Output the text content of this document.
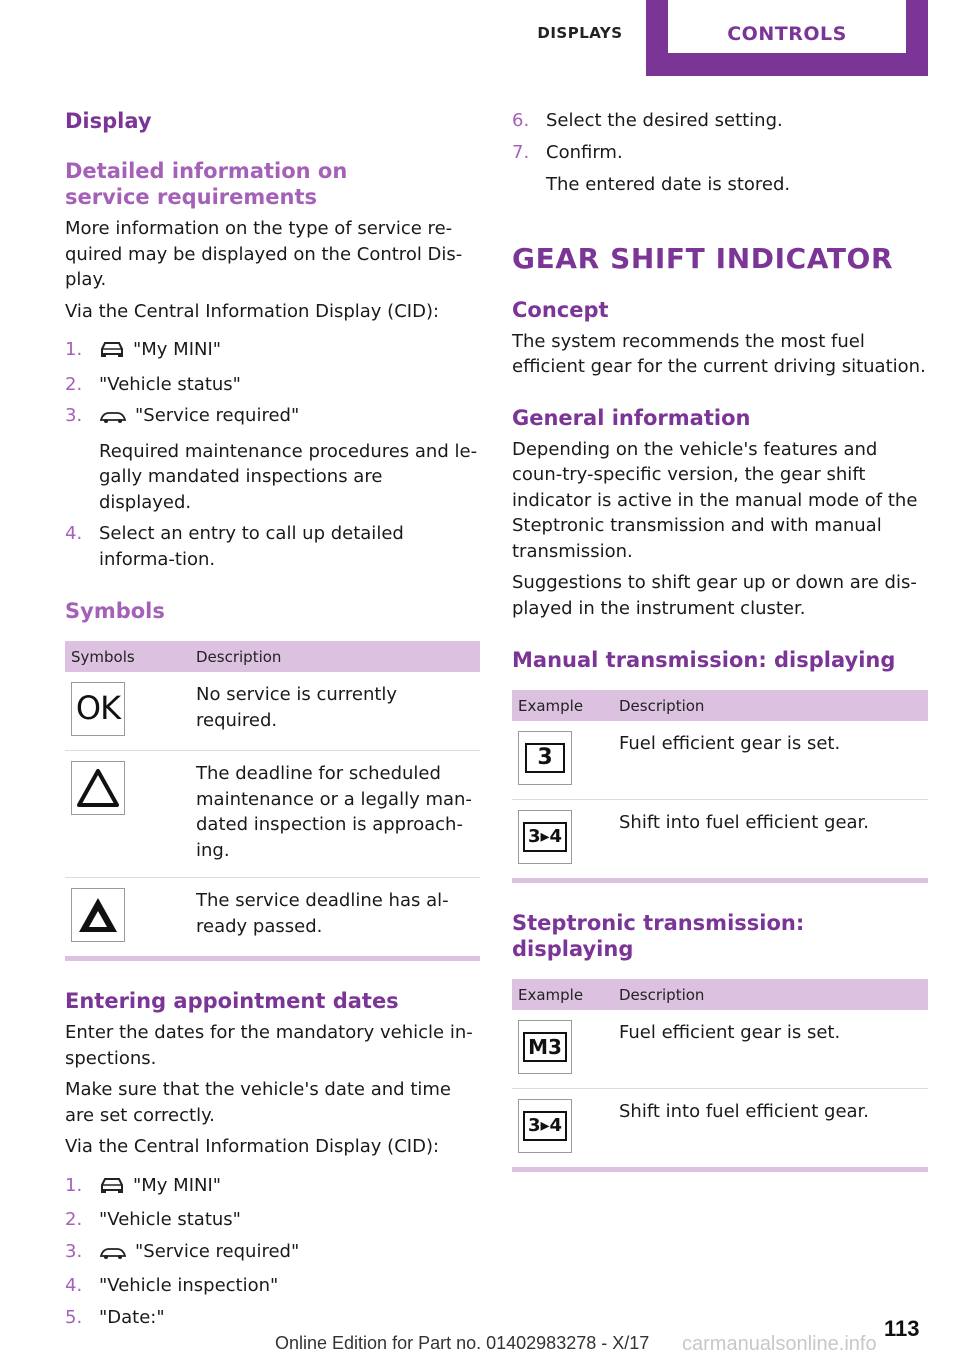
DISPLAYS	CONTROLS
Display
Detailed information on service requirements

More information on the type of service re-quired may be displayed on the Control Dis-play.

Via the Central Information Display (CID):

1.	"My MINI"
2. "Vehicle status"
3.	"Service required"
Required maintenance procedures and le-gally mandated inspections are displayed.
4. Select an entry to call up detailed informa-tion.
Symbols
Symbols	Description

OK	No service is currently required.

	The deadline for scheduled maintenance or a legally man-dated inspection is approach-ing.

	The service deadline has al-ready passed.
Entering appointment dates

Enter the dates for the mandatory vehicle in-spections.

Make sure that the vehicle's date and time are set correctly.

Via the Central Information Display (CID):

1.	"My MINI"
2. "Vehicle status"
3.	"Service required"
4. "Vehicle inspection"
5. "Date:"
6. Select the desired setting.
7. Confirm.
The entered date is stored.
GEAR SHIFT INDICATOR
Concept

The system recommends the most fuel efficient gear for the current driving situation.

General information

Depending on the vehicle's features and coun-try-specific version, the gear shift indicator is active in the manual mode of the Steptronic transmission and with manual transmission.

Suggestions to shift gear up or down are dis-played in the instrument cluster.

Manual transmission: displaying
Example	Description

3	Fuel efficient gear is set.

3▸4	Shift into fuel efficient gear.
Steptronic transmission: displaying
Example	Description

M3	Fuel efficient gear is set.

3▸4	Shift into fuel efficient gear.
113
Online Edition for Part no. 01402983278 - X/17 carmanualsonline.info
